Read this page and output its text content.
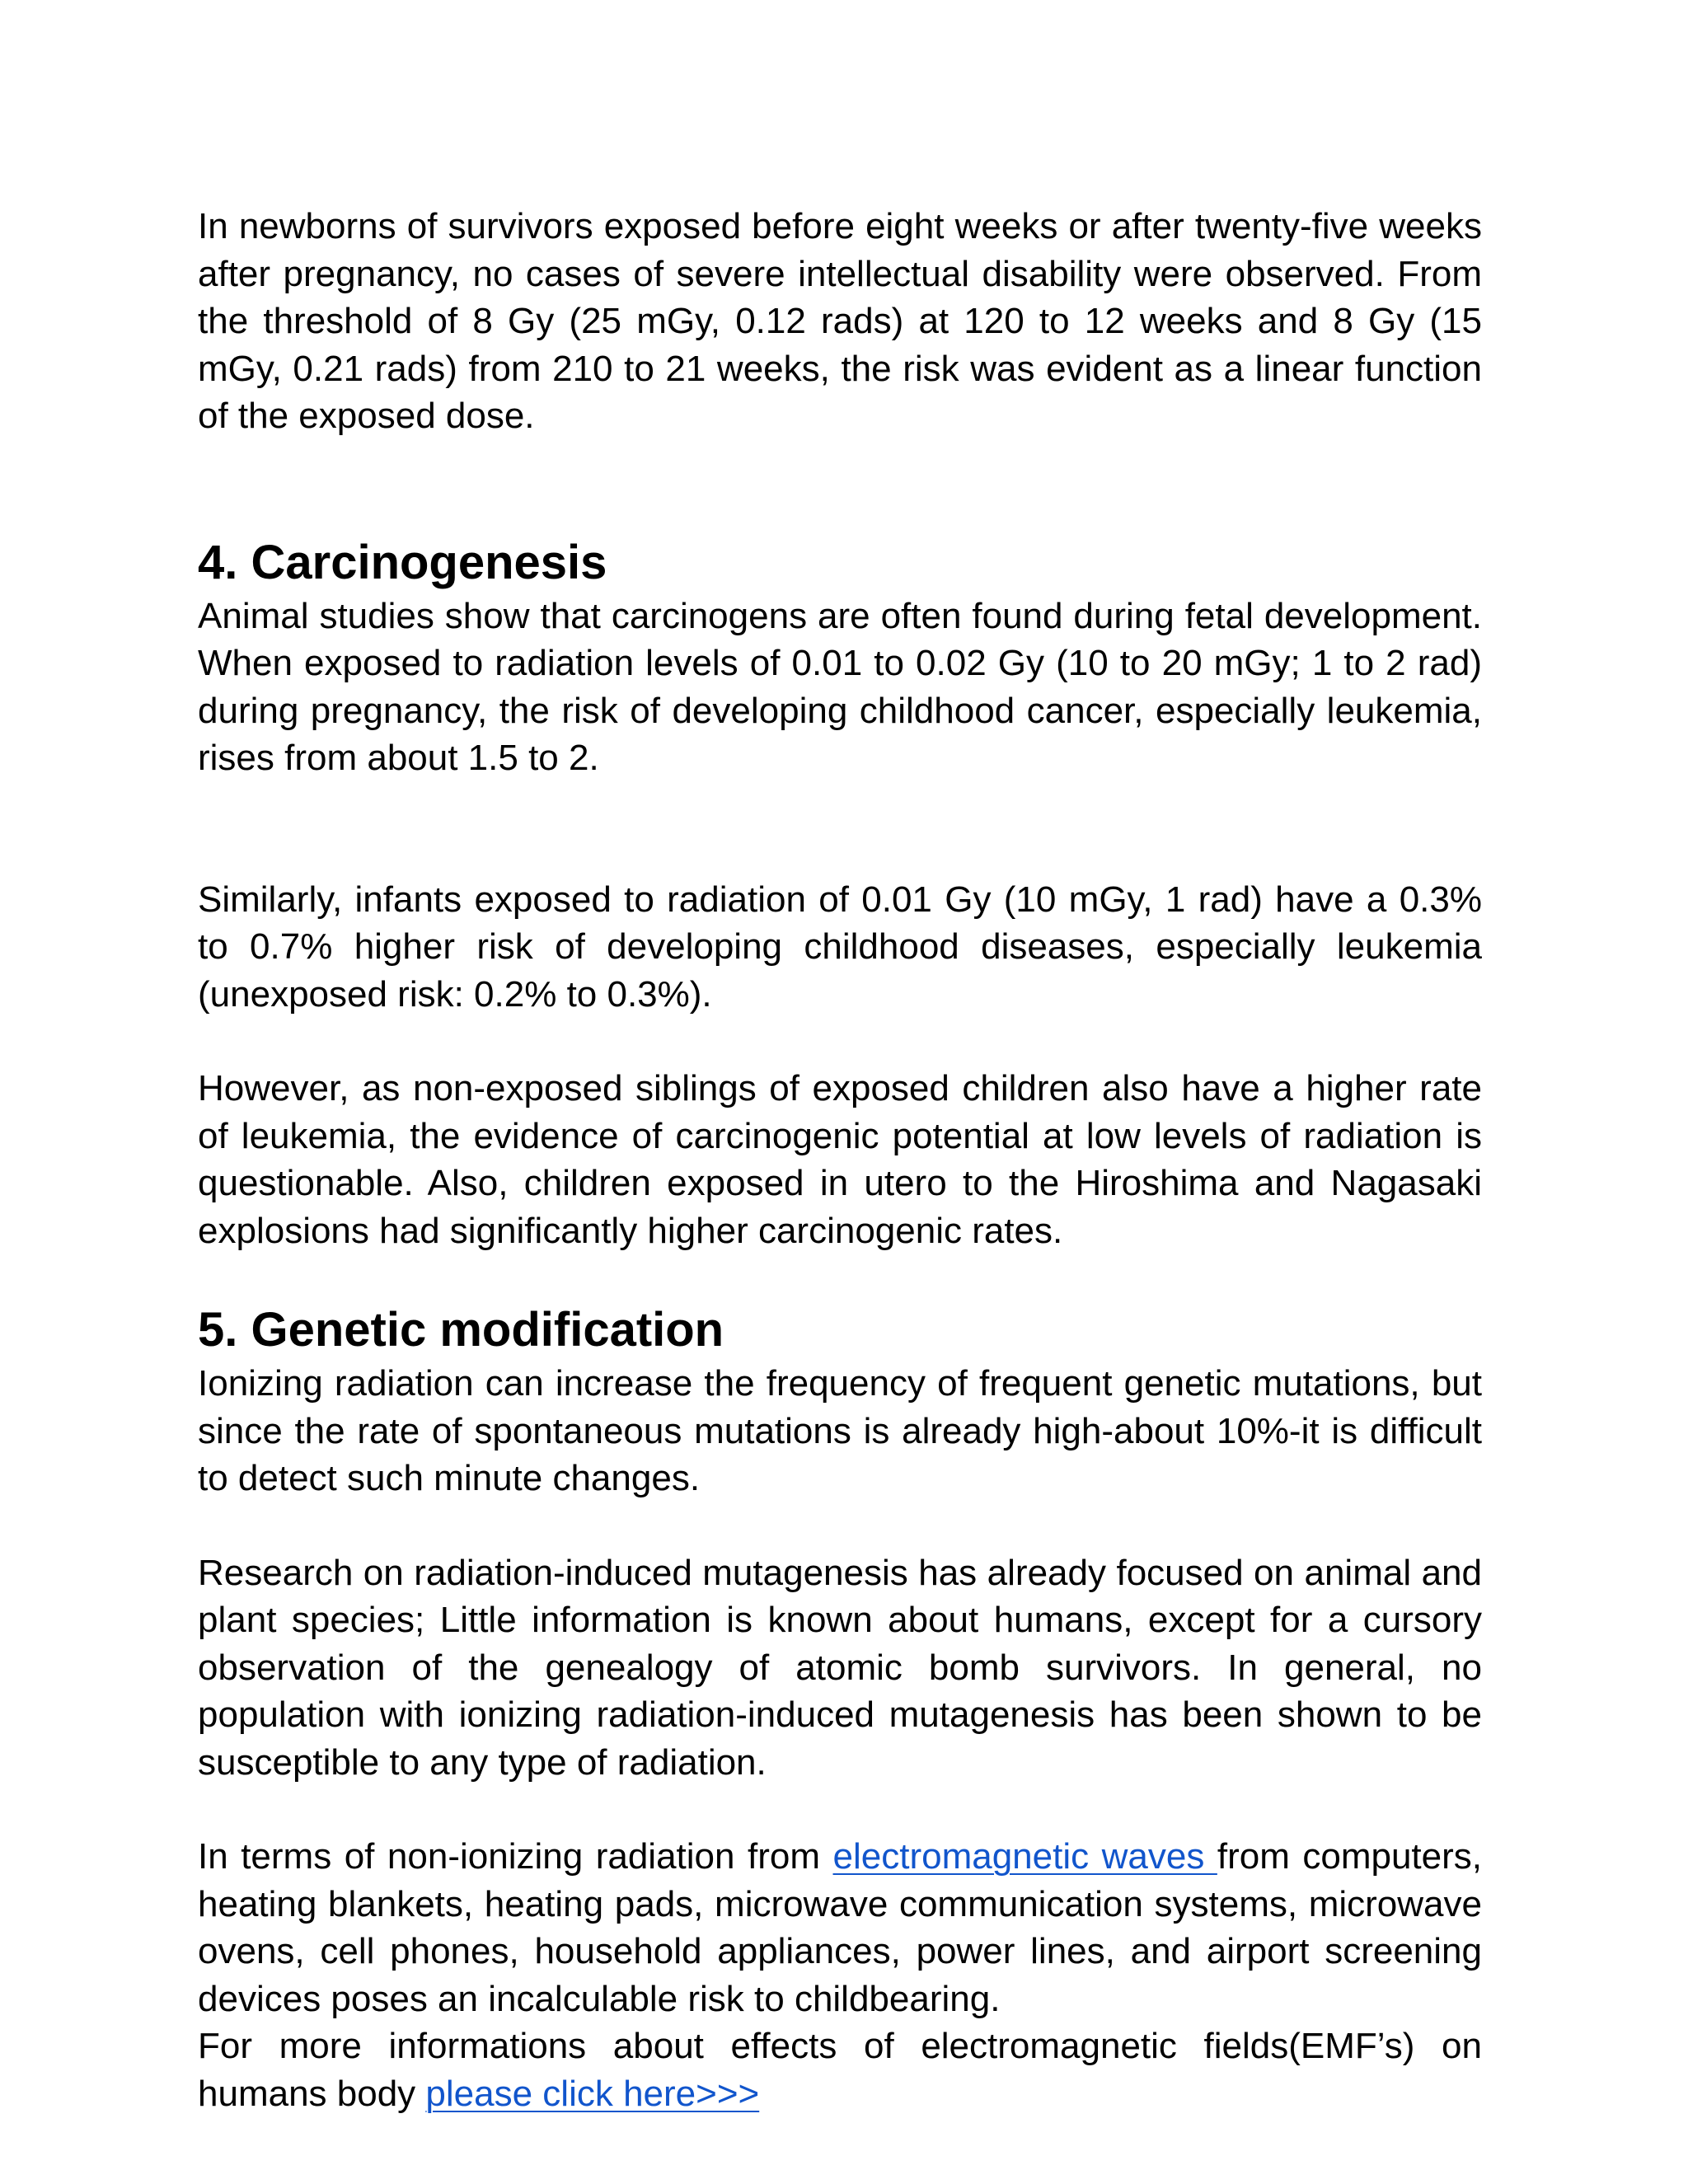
In newborns of survivors exposed before eight weeks or after twenty-five weeks after pregnancy, no cases of severe intellectual disability were observed. From the threshold of 8 Gy (25 mGy, 0.12 rads) at 120 to 12 weeks and 8 Gy (15 mGy, 0.21 rads) from 210 to 21 weeks, the risk was evident as a linear function of the exposed dose.

4. Carcinogenesis

Animal studies show that carcinogens are often found during fetal development. When exposed to radiation levels of 0.01 to 0.02 Gy (10 to 20 mGy; 1 to 2 rad) during pregnancy, the risk of developing childhood cancer, especially leukemia, rises from about 1.5 to 2.

Similarly, infants exposed to radiation of 0.01 Gy (10 mGy, 1 rad) have a 0.3% to 0.7% higher risk of developing childhood diseases, especially leukemia (unexposed risk: 0.2% to 0.3%).

However, as non-exposed siblings of exposed children also have a higher rate of leukemia, the evidence of carcinogenic potential at low levels of radiation is questionable. Also, children exposed in utero to the Hiroshima and Nagasaki explosions had significantly higher carcinogenic rates.

5. Genetic modification

Ionizing radiation can increase the frequency of frequent genetic mutations, but since the rate of spontaneous mutations is already high-about 10%-it is difficult to detect such minute changes.

Research on radiation-induced mutagenesis has already focused on animal and plant species; Little information is known about humans, except for a cursory observation of the genealogy of atomic bomb survivors. In general, no population with ionizing radiation-induced mutagenesis has been shown to be susceptible to any type of radiation.

In terms of non-ionizing radiation from electromagnetic waves from computers, heating blankets, heating pads, microwave communication systems, microwave ovens, cell phones, household appliances, power lines, and airport screening devices poses an incalculable risk to childbearing.

For more informations about effects of electromagnetic fields(EMF’s) on humans body please click here>>>
